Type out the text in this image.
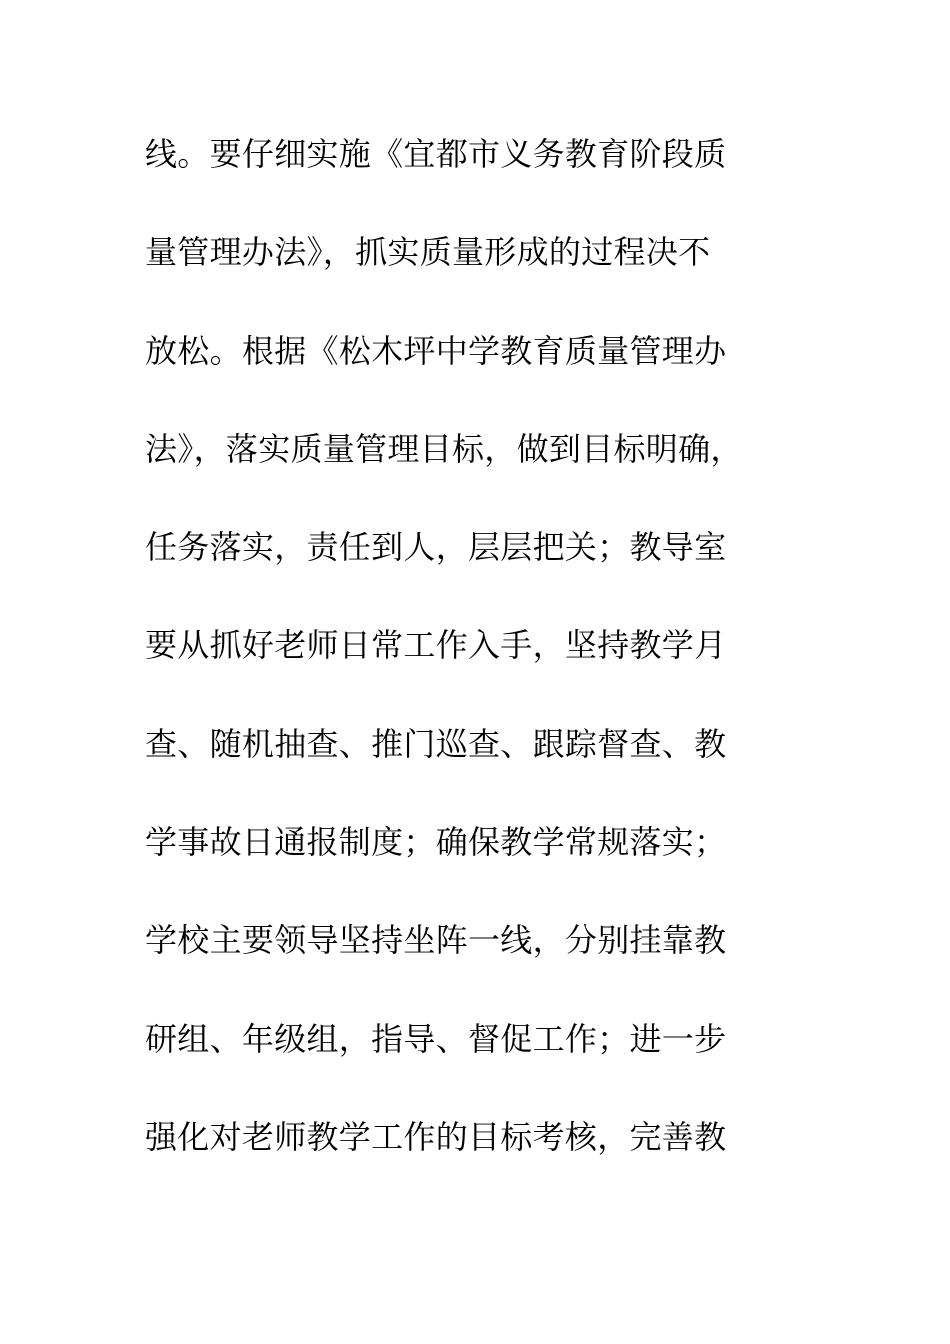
线。要仔细实施《宜都市义务教育阶段质
量管理办法》，抓实质量形成的过程决不
放松。根据《松木坪中学教育质量管理办
法》，落实质量管理目标，做到目标明确，
任务落实，责任到人，层层把关；教导室
要从抓好老师日常工作入手，坚持教学月
查、随机抽查、推门巡查、跟踪督查、教
学事故日通报制度；确保教学常规落实；
学校主要领导坚持坐阵一线，分别挂靠教
研组、年级组，指导、督促工作；进一步
强化对老师教学工作的目标考核，完善教
